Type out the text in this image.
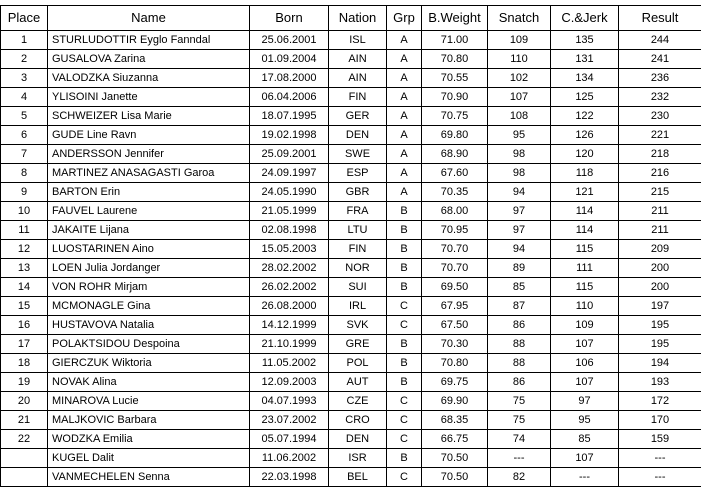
Place	Name	Born	Nation	Grp	B.Weight	Snatch	C.&Jerk	Result
1	STURLUDOTTIR Eyglo Fanndal	25.06.2001	ISL	A	71.00	109	135	244
2	GUSALOVA Zarina	01.09.2004	AIN	A	70.80	110	131	241
3	VALODZKA Siuzanna	17.08.2000	AIN	A	70.55	102	134	236
4	YLISOINI Janette	06.04.2006	FIN	A	70.90	107	125	232
5	SCHWEIZER Lisa Marie	18.07.1995	GER	A	70.75	108	122	230
6	GUDE Line Ravn	19.02.1998	DEN	A	69.80	95	126	221
7	ANDERSSON Jennifer	25.09.2001	SWE	A	68.90	98	120	218
8	MARTINEZ ANASAGASTI Garoa	24.09.1997	ESP	A	67.60	98	118	216
9	BARTON Erin	24.05.1990	GBR	A	70.35	94	121	215
10	FAUVEL Laurene	21.05.1999	FRA	B	68.00	97	114	211
11	JAKAITE Lijana	02.08.1998	LTU	B	70.95	97	114	211
12	LUOSTARINEN Aino	15.05.2003	FIN	B	70.70	94	115	209
13	LOEN Julia Jordanger	28.02.2002	NOR	B	70.70	89	111	200
14	VON ROHR Mirjam	26.02.2002	SUI	B	69.50	85	115	200
15	MCMONAGLE Gina	26.08.2000	IRL	C	67.95	87	110	197
16	HUSTAVOVA Natalia	14.12.1999	SVK	C	67.50	86	109	195
17	POLAKTSIDOU Despoina	21.10.1999	GRE	B	70.30	88	107	195
18	GIERCZUK Wiktoria	11.05.2002	POL	B	70.80	88	106	194
19	NOVAK Alina	12.09.2003	AUT	B	69.75	86	107	193
20	MINAROVA Lucie	04.07.1993	CZE	C	69.90	75	97	172
21	MALJKOVIC Barbara	23.07.2002	CRO	C	68.35	75	95	170
22	WODZKA Emilia	05.07.1994	DEN	C	66.75	74	85	159
	KUGEL Dalit	11.06.2002	ISR	B	70.50	---	107	---
	VANMECHELEN Senna	22.03.1998	BEL	C	70.50	82	---	---
